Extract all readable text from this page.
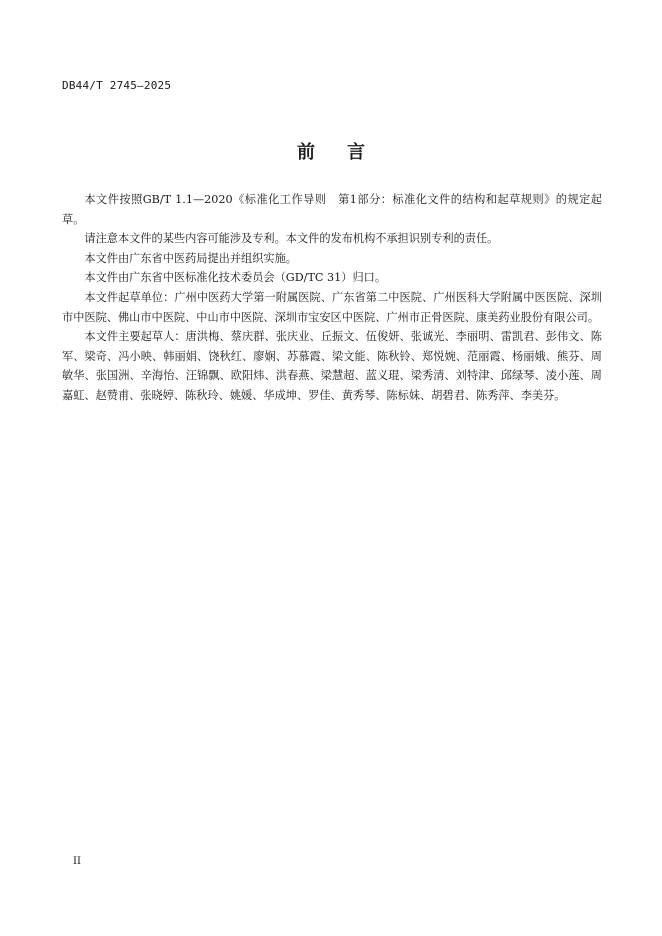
DB44/T 2745—2025
前 言

本文件按照GB/T 1.1—2020《标准化工作导则　第1部分：标准化文件的结构和起草规则》的规定起草。

请注意本文件的某些内容可能涉及专利。本文件的发布机构不承担识别专利的责任。

本文件由广东省中医药局提出并组织实施。

本文件由广东省中医标准化技术委员会（GD/TC 31）归口。

本文件起草单位：广州中医药大学第一附属医院、广东省第二中医院、广州医科大学附属中医医院、深圳市中医院、佛山市中医院、中山市中医院、深圳市宝安区中医院、广州市正骨医院、康美药业股份有限公司。

本文件主要起草人：唐洪梅、蔡庆群、张庆业、丘振文、伍俊妍、张诚光、李丽明、雷凯君、彭伟文、陈军、梁奇、冯小映、韩丽娟、饶秋红、廖娴、苏慕霞、梁文能、陈秋铃、郑悦婉、范丽霞、杨丽娥、熊芬、周敏华、张国洲、辛海怡、汪锦飘、欧阳炜、洪春燕、梁慧超、蓝义琨、梁秀清、刘特津、邱绿琴、凌小莲、周嘉虹、赵赞甫、张晓婷、陈秋玲、姚媛、华成坤、罗佳、黄秀琴、陈标妹、胡碧君、陈秀萍、李美芬。

II
